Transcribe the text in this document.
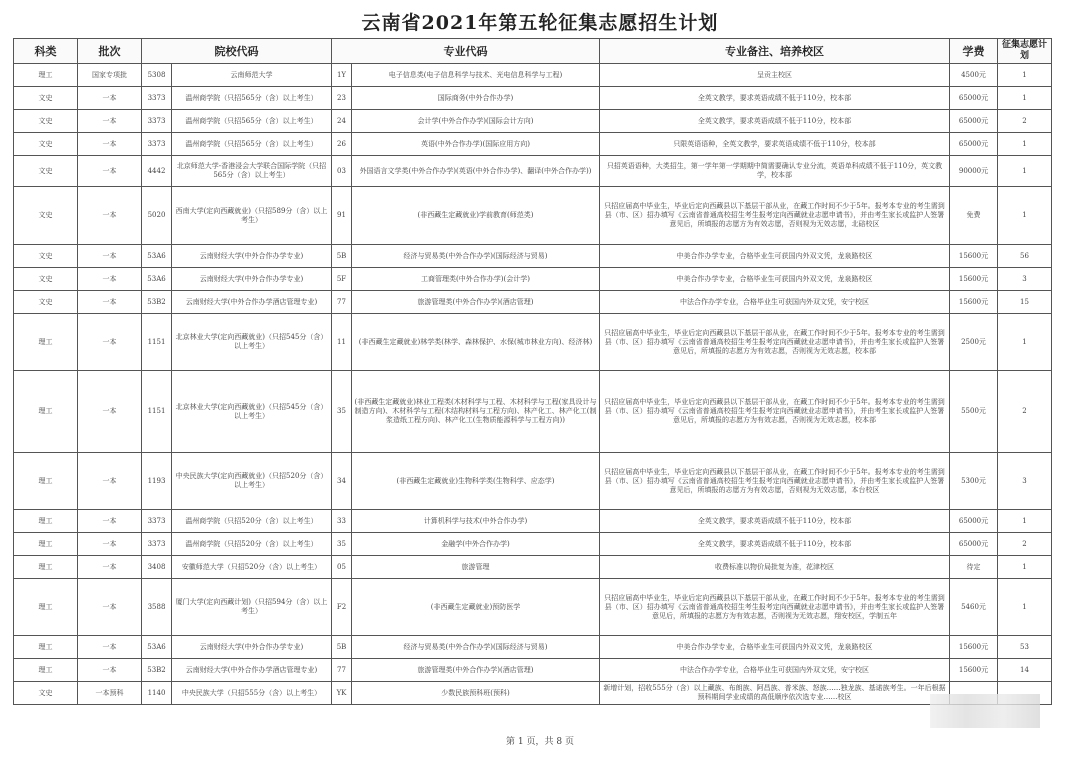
云南省2021年第五轮征集志愿招生计划
科类	批次	院校代码		专业代码		专业备注、培养校区	学费	征集志愿计划
理工	国家专项批	5308	云南师范大学	1Y	电子信息类(电子信息科学与技术、光电信息科学与工程)	呈贡主校区	4500元	1
文史	一本	3373	温州商学院（只招565分（含）以上考生）	23	国际商务(中外合作办学)	全英文教学，要求英语成绩不低于110分，校本部	65000元	1
文史	一本	3373	温州商学院（只招565分（含）以上考生）	24	会计学(中外合作办学)(国际会计方向)	全英文教学，要求英语成绩不低于110分，校本部	65000元	2
文史	一本	3373	温州商学院（只招565分（含）以上考生）	26	英语(中外合作办学)(国际应用方向)	只限英语语种，全英文教学，要求英语成绩不低于110分，校本部	65000元	1
文史	一本	4442	北京师范大学-香港浸会大学联合国际学院（只招565分（含）以上考生）	03	外国语言文学类(中外合作办学)(英语(中外合作办学)、翻译(中外合作办学))	只招英语语种，大类招生，第一学年第一学期期中简需要确认专业分流，英语单科成绩不低于110分，英文教学，校本部	90000元	1
文史	一本	5020	西南大学(定向西藏就业)（只招589分（含）以上考生）	91	(非西藏生定藏就业)学前教育(师范类)	只招应届高中毕业生，毕业后定向西藏县以下基层干部从业，在藏工作时间不少于5年。报考本专业的考生需到县（市、区）招办填写《云南省普通高校招生考生报考定向西藏就业志愿申请书》，并由考生家长或监护人签署意见后，所填报的志愿方为有效志愿，否则视为无效志愿，北碚校区	免费	1
文史	一本	53A6	云南财经大学(中外合作办学专业)	5B	经济与贸易类(中外合作办学)(国际经济与贸易)	中美合作办学专业，合格毕业生可获国内外双文凭，龙泉路校区	15600元	56
文史	一本	53A6	云南财经大学(中外合作办学专业)	5F	工商管理类(中外合作办学)(会计学)	中美合作办学专业，合格毕业生可获国内外双文凭，龙泉路校区	15600元	3
文史	一本	53B2	云南财经大学(中外合作办学酒店管理专业)	77	旅游管理类(中外合作办学)(酒店管理)	中法合作办学专业，合格毕业生可获国内外双文凭，安宁校区	15600元	15
理工	一本	1151	北京林业大学(定向西藏就业)（只招545分（含）以上考生）	11	(非西藏生定藏就业)林学类(林学、森林保护、水保(城市林业方向)、经济林)	只招应届高中毕业生，毕业后定向西藏县以下基层干部从业，在藏工作时间不少于5年。报考本专业的考生需到县（市、区）招办填写《云南省普通高校招生考生报考定向西藏就业志愿申请书》，并由考生家长或监护人签署意见后，所填报的志愿方为有效志愿，否则视为无效志愿，校本部	2500元	1
理工	一本	1151	北京林业大学(定向西藏就业)（只招545分（含）以上考生）	35	(非西藏生定藏就业)林业工程类(木材科学与工程、木材科学与工程(家具设计与制造方向)、木材科学与工程(木结构材料与工程方向)、林产化工、林产化工(制浆造纸工程方向)、林产化工(生物质能源科学与工程方向))	只招应届高中毕业生，毕业后定向西藏县以下基层干部从业，在藏工作时间不少于5年。报考本专业的考生需到县（市、区）招办填写《云南省普通高校招生考生报考定向西藏就业志愿申请书》，并由考生家长或监护人签署意见后，所填报的志愿方为有效志愿，否则视为无效志愿，校本部	5500元	2
理工	一本	1193	中央民族大学(定向西藏就业)（只招520分（含）以上考生）	34	(非西藏生定藏就业)生物科学类(生物科学、应态学)	只招应届高中毕业生，毕业后定向西藏县以下基层干部从业，在藏工作时间不少于5年。报考本专业的考生需到县（市、区）招办填写《云南省普通高校招生考生报考定向西藏就业志愿申请书》，并由考生家长或监护人签署意见后，所填报的志愿方为有效志愿，否则视为无效志愿，本台校区	5300元	3
理工	一本	3373	温州商学院（只招520分（含）以上考生）	33	计算机科学与技术(中外合作办学)	全英文教学，要求英语成绩不低于110分，校本部	65000元	1
理工	一本	3373	温州商学院（只招520分（含）以上考生）	35	金融学(中外合作办学)	全英文教学，要求英语成绩不低于110分，校本部	65000元	2
理工	一本	3408	安徽师范大学（只招520分（含）以上考生）	05	旅游管理	收费标准以物价局批复为准，花津校区	待定	1
理工	一本	3588	厦门大学(定向西藏计划)（只招594分（含）以上考生）	F2	(非西藏生定藏就业)预防医学	只招应届高中毕业生，毕业后定向西藏县以下基层干部从业，在藏工作时间不少于5年。报考本专业的考生需到县（市、区）招办填写《云南省普通高校招生考生报考定向西藏就业志愿申请书》，并由考生家长或监护人签署意见后，所填报的志愿方为有效志愿，否则视为无效志愿，翔安校区，学制五年	5460元	1
理工	一本	53A6	云南财经大学(中外合作办学专业)	5B	经济与贸易类(中外合作办学)(国际经济与贸易)	中美合作办学专业，合格毕业生可获国内外双文凭，龙泉路校区	15600元	53
理工	一本	53B2	云南财经大学(中外合作办学酒店管理专业)	77	旅游管理类(中外合作办学)(酒店管理)	中法合作办学专业，合格毕业生可获国内外双文凭，安宁校区	15600元	14
文史	一本预科	1140	中央民族大学（只招555分（含）以上考生）	YK	少数民族预科班(预科)	新增计划，招收555分（含）以上藏族、布朗族、阿昌族、普米族、怒族……独龙族、基诺族考生。一年后根据预科期间学业成绩的高低顺序依次选专业……校区		
第 1 页，共 8 页
